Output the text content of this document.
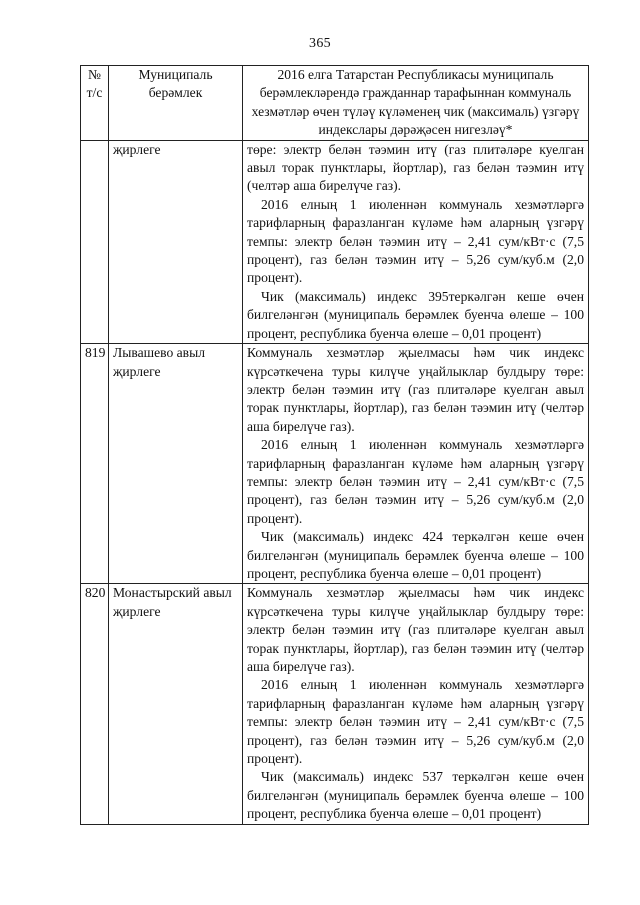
365
№ т/с	Муниципаль берәмлек	2016 елга Татарстан Республикасы муниципаль берәмлекләрендә гражданнар тарафыннан коммуналь хезмәтләр өчен түләү күләменең чик (максималь) үзгәрү индекслары дәрәҗәсен нигезләү*
	җирлеге	төре: электр белән тәэмин итү (газ плитәләре куелган авыл торак пунктлары, йортлар), газ белән тәэмин итү (челтәр аша бирелүче газ).

2016 елның 1 июленнән коммуналь хезмәтләргә тарифларның фаразланган күләме һәм аларның үзгәрү темпы: электр белән тәэмин итү – 2,41 сум/кВт·с (7,5 процент), газ белән тәэмин итү – 5,26 сум/куб.м (2,0 процент).

Чик (максималь) индекс 395теркәлгән кеше өчен билгеләнгән (муниципаль берәмлек буенча өлеше – 100 процент, республика буенча өлеше – 0,01 процент)

819	Лывашево авыл җирлеге	Коммуналь хезмәтләр җыелмасы һәм чик индекс күрсәткечена туры килүче уңайлыклар булдыру төре: электр белән тәэмин итү (газ плитәләре куелган авыл торак пунктлары, йортлар), газ белән тәэмин итү (челтәр аша бирелүче газ).

2016 елның 1 июленнән коммуналь хезмәтләргә тарифларның фаразланган күләме һәм аларның үзгәрү темпы: электр белән тәэмин итү – 2,41 сум/кВт·с (7,5 процент), газ белән тәэмин итү – 5,26 сум/куб.м (2,0 процент).

Чик (максималь) индекс 424 теркәлгән кеше өчен билгеләнгән (муниципаль берәмлек буенча өлеше – 100 процент, республика буенча өлеше – 0,01 процент)

820	Монастырский авыл җирлеге	Коммуналь хезмәтләр җыелмасы һәм чик индекс күрсәткечена туры килүче уңайлыклар булдыру төре: электр белән тәэмин итү (газ плитәләре куелган авыл торак пунктлары, йортлар), газ белән тәэмин итү (челтәр аша бирелүче газ).

2016 елның 1 июленнән коммуналь хезмәтләргә тарифларның фаразланган күләме һәм аларның үзгәрү темпы: электр белән тәэмин итү – 2,41 сум/кВт·с (7,5 процент), газ белән тәэмин итү – 5,26 сум/куб.м (2,0 процент).

Чик (максималь) индекс 537 теркәлгән кеше өчен билгеләнгән (муниципаль берәмлек буенча өлеше – 100 процент, республика буенча өлеше – 0,01 процент)
